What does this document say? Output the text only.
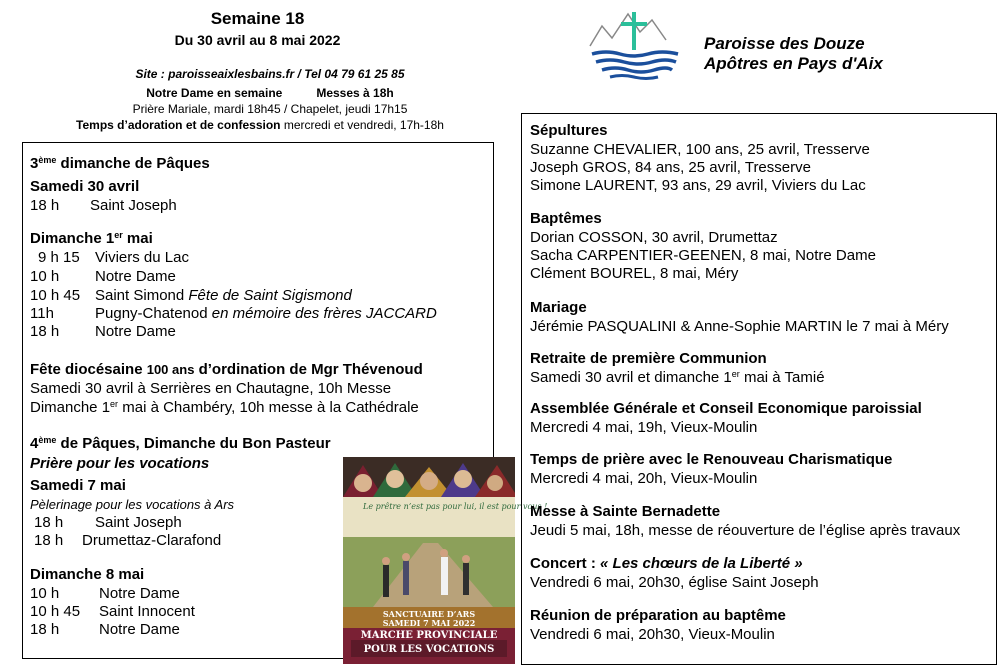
Semaine 18
Du 30 avril au 8 mai 2022
Site : paroisseaixlesbains.fr / Tel 04 79 61 25 85
Notre Dame en semaine	Messes à 18h
Prière Mariale, mardi 18h45 / Chapelet, jeudi 17h15
Temps d’adoration et de confession mercredi et vendredi, 17h-18h
Paroisse des Douze
Apôtres en Pays d'Aix
3ème dimanche de Pâques
Samedi 30 avril
18 h Saint Joseph
Dimanche 1er mai
9 h 15 Viviers du Lac
10 h Notre Dame
10 h 45 Saint Simond Fête de Saint Sigismond
11h	Pugny-Chatenod en mémoire des frères JACCARD
18 h Notre Dame
Fête diocésaine 100 ans d’ordination de Mgr Thévenoud
Samedi 30 avril à Serrières en Chautagne, 10h Messe
Dimanche 1er mai à Chambéry, 10h messe à la Cathédrale
4ème de Pâques, Dimanche du Bon Pasteur
Prière pour les vocations
Samedi 7 mai
Pèlerinage pour les vocations à Ars
18 h Saint Joseph
18 h Drumettaz-Clarafond
Dimanche 8 mai
10 h	Notre Dame
10 h 45 Saint Innocent
18 h	Notre Dame
Le prêtre n’est pas pour lui, il est pour vous !
SANCTUAIRE D’ARS
SAMEDI 7 MAI 2022
MARCHE PROVINCIALE
POUR LES VOCATIONS
Sépultures
Suzanne CHEVALIER, 100 ans, 25 avril, Tresserve
Joseph GROS, 84 ans, 25 avril, Tresserve
Simone LAURENT, 93 ans, 29 avril, Viviers du Lac
Baptêmes
Dorian COSSON, 30 avril, Drumettaz
Sacha CARPENTIER-GEENEN, 8 mai, Notre Dame
Clément BOUREL, 8 mai, Méry
Mariage
Jérémie PASQUALINI & Anne-Sophie MARTIN le 7 mai à Méry
Retraite de première Communion
Samedi 30 avril et dimanche 1er mai à Tamié
Assemblée Générale et Conseil Economique paroissial
Mercredi 4 mai, 19h, Vieux-Moulin
Temps de prière avec le Renouveau Charismatique
Mercredi 4 mai, 20h, Vieux-Moulin
Messe à Sainte Bernadette
Jeudi 5 mai, 18h, messe de réouverture de l’église après travaux
Concert : « Les chœurs de la Liberté »
Vendredi 6 mai, 20h30, église Saint Joseph
Réunion de préparation au baptême
Vendredi 6 mai, 20h30, Vieux-Moulin
